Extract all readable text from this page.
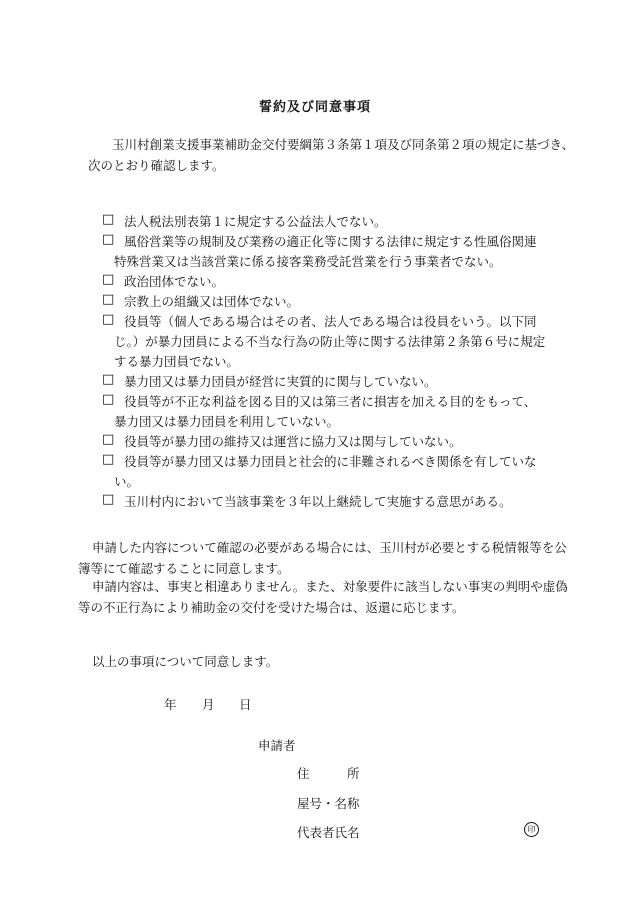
誓約及び同意事項
玉川村創業支援事業補助金交付要綱第３条第１項及び同条第２項の規定に基づき、
次のとおり確認します。
□ 法人税法別表第１に規定する公益法人でない。
□ 風俗営業等の規制及び業務の適正化等に関する法律に規定する性風俗関連
特殊営業又は当該営業に係る接客業務受託営業を行う事業者でない。
□ 政治団体でない。
□ 宗教上の組織又は団体でない。
□ 役員等（個人である場合はその者、法人である場合は役員をいう。以下同
じ。）が暴力団員による不当な行為の防止等に関する法律第２条第６号に規定
する暴力団員でない。
□ 暴力団又は暴力団員が経営に実質的に関与していない。
□ 役員等が不正な利益を図る目的又は第三者に損害を加える目的をもって、
暴力団又は暴力団員を利用していない。
□ 役員等が暴力団の維持又は運営に協力又は関与していない。
□ 役員等が暴力団又は暴力団員と社会的に非難されるべき関係を有していな
い。
□ 玉川村内において当該事業を３年以上継続して実施する意思がある。
申請した内容について確認の必要がある場合には、玉川村が必要とする税情報等を公
簿等にて確認することに同意します。
申請内容は、事実と相違ありません。また、対象要件に該当しない事実の判明や虚偽
等の不正行為により補助金の交付を受けた場合は、返還に応じます。
以上の事項について同意します。
年 月 日
申請者
住　　　所
屋号・名称
代表者氏名	印
